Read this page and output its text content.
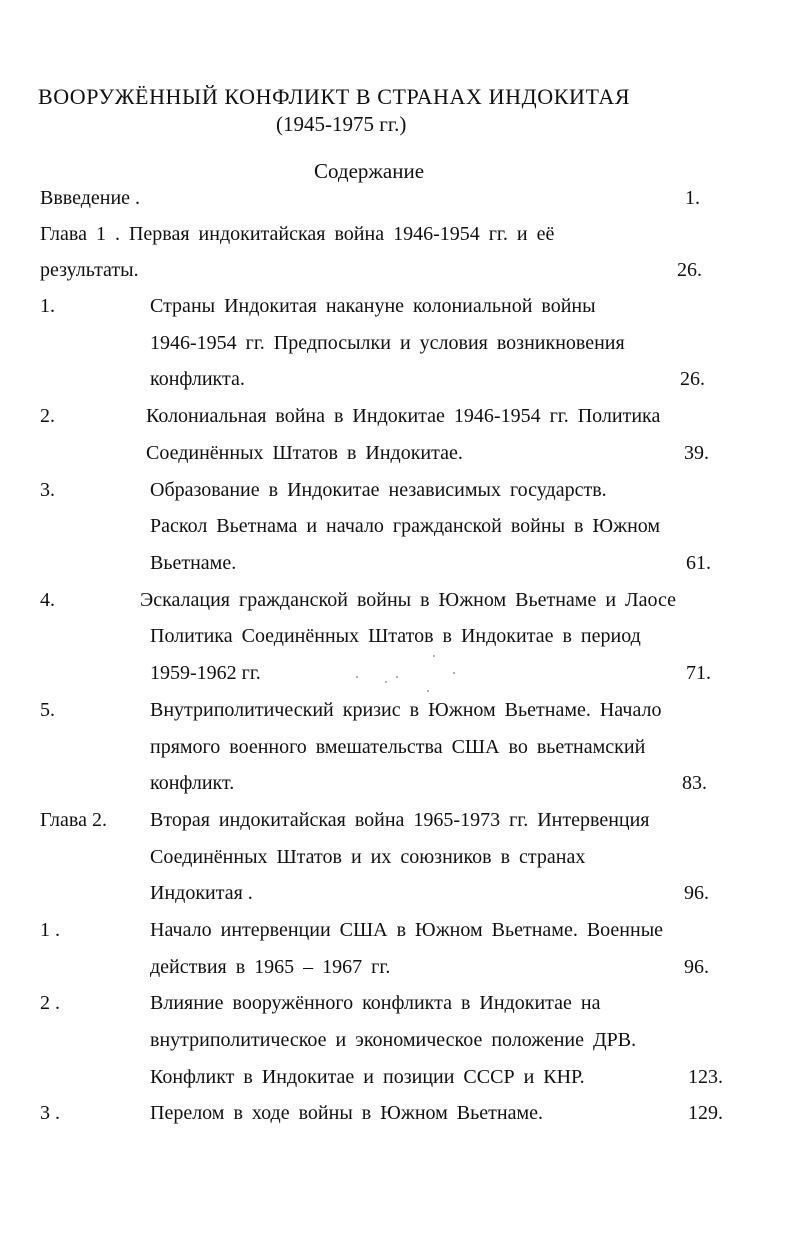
ВООРУЖЁННЫЙ КОНФЛИКТ В СТРАНАХ ИНДОКИТАЯ
(1945-1975 гг.)
Содержание
Ввведение .	1.
Глава 1 . Первая индокитайская война 1946-1954 гг. и её
результаты.	26.
1.	Страны Индокитая накануне колониальной войны
1946-1954 гг. Предпосылки и условия возникновения
конфликта.	26.
2.	Колониальная война в Индокитае 1946-1954 гг. Политика
Соединённых Штатов в Индокитае.	39.
3.	Образование в Индокитае независимых государств.
Раскол Вьетнама и начало гражданской войны в Южном
Вьетнаме.	61.
4.	Эскалация гражданской войны в Южном Вьетнаме и Лаосе
Политика Соединённых Штатов в Индокитае в период
1959-1962 гг.	71.
5.	Внутриполитический кризис в Южном Вьетнаме. Начало
прямого военного вмешательства США во вьетнамский
конфликт.	83.
Глава 2. Вторая индокитайская война 1965-1973 гг. Интервенция
Соединённых Штатов и их союзников в странах
Индокитая .	96.
1 .	Начало интервенции США в Южном Вьетнаме. Военные
действия в 1965 – 1967 гг.	96.
2 .	Влияние вооружённого конфликта в Индокитае на
внутриполитическое и экономическое положение ДРВ.
Конфликт в Индокитае и позиции СССР и КНР.	123.
3 .	Перелом в ходе войны в Южном Вьетнаме.	129.
